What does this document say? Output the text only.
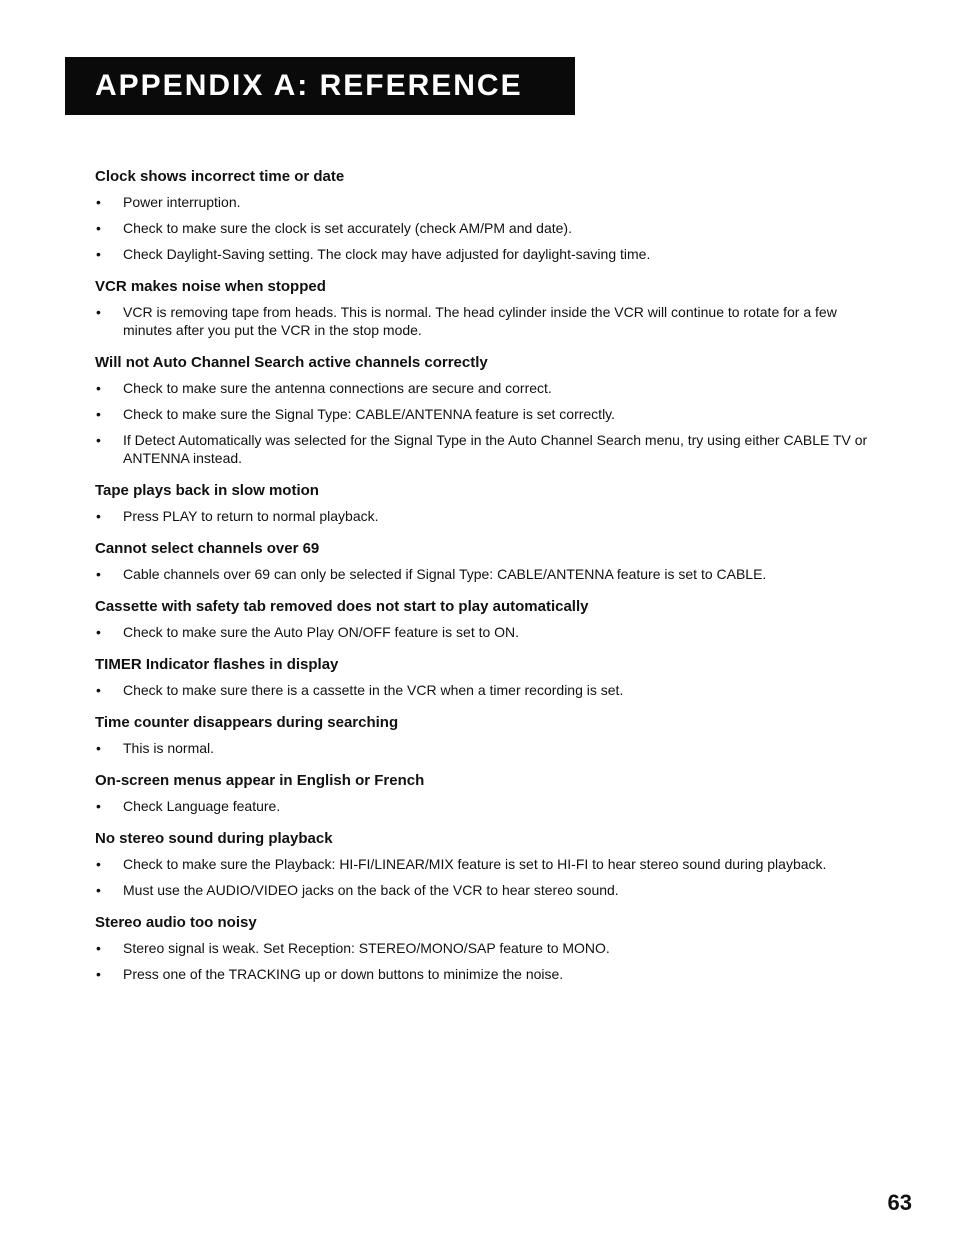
APPENDIX A: REFERENCE
Clock shows incorrect time or date
• Power interruption.
• Check to make sure the clock is set accurately (check AM/PM and date).
• Check Daylight-Saving setting. The clock may have adjusted for daylight-saving time.
VCR makes noise when stopped
• VCR is removing tape from heads. This is normal. The head cylinder inside the VCR will continue to rotate for a few minutes after you put the VCR in the stop mode.
Will not Auto Channel Search active channels correctly
• Check to make sure the antenna connections are secure and correct.
• Check to make sure the Signal Type: CABLE/ANTENNA feature is set correctly.
• If Detect Automatically was selected for the Signal Type in the Auto Channel Search menu, try using either CABLE TV or ANTENNA instead.
Tape plays back in slow motion
• Press PLAY to return to normal playback.
Cannot select channels over 69
• Cable channels over 69 can only be selected if Signal Type: CABLE/ANTENNA feature is set to CABLE.
Cassette with safety tab removed does not start to play automatically
• Check to make sure the Auto Play ON/OFF feature is set to ON.
TIMER Indicator flashes in display
• Check to make sure there is a cassette in the VCR when a timer recording is set.
Time counter disappears during searching
• This is normal.
On-screen menus appear in English or French
• Check Language feature.
No stereo sound during playback
• Check to make sure the Playback: HI-FI/LINEAR/MIX feature is set to HI-FI to hear stereo sound during playback.
• Must use the AUDIO/VIDEO jacks on the back of the VCR to hear stereo sound.
Stereo audio too noisy
• Stereo signal is weak. Set Reception: STEREO/MONO/SAP feature to MONO.
• Press one of the TRACKING up or down buttons to minimize the noise.
63
